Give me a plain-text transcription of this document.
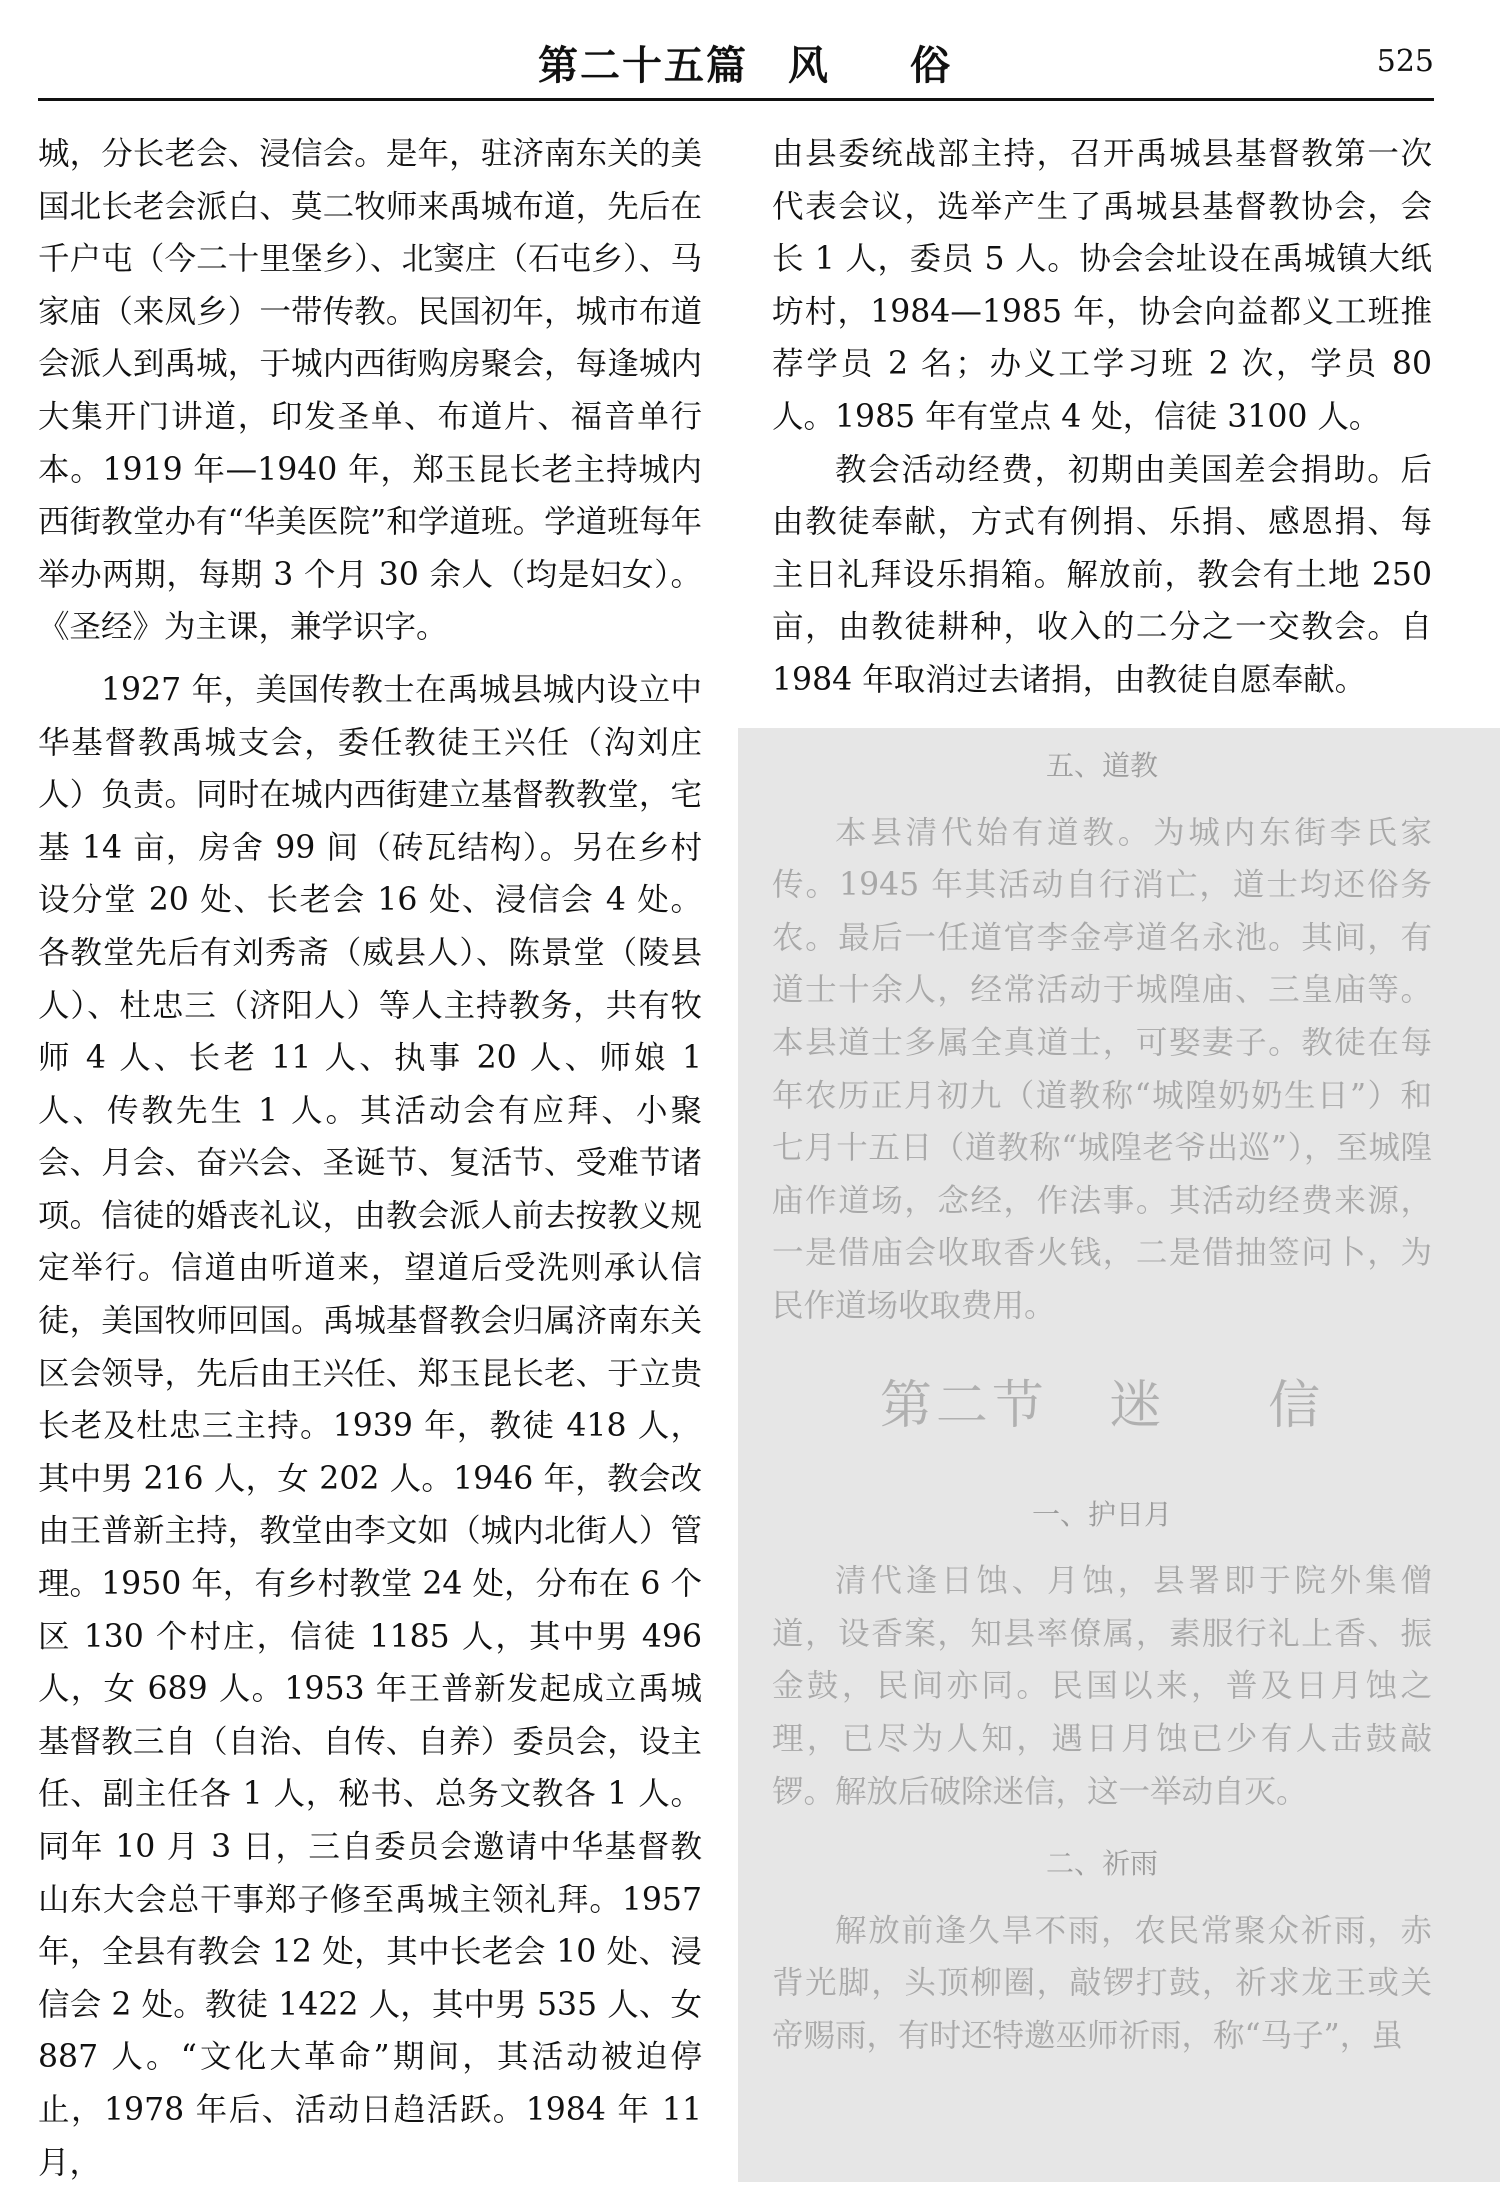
第二十五篇 风 俗	525

城，分长老会、浸信会。是年，驻济南东关的美国北长老会派白、莫二牧师来禹城布道，先后在千户屯（今二十里堡乡）、北窦庄（石屯乡）、马家庙（来凤乡）一带传教。民国初年，城市布道会派人到禹城，于城内西街购房聚会，每逢城内大集开门讲道，印发圣单、布道片、福音单行本。1919 年—1940 年，郑玉昆长老主持城内西街教堂办有“华美医院”和学道班。学道班每年举办两期，每期 3 个月 30 余人（均是妇女）。《圣经》为主课，兼学识字。

1927 年，美国传教士在禹城县城内设立中华基督教禹城支会，委任教徒王兴任（沟刘庄人）负责。同时在城内西街建立基督教教堂，宅基 14 亩，房舍 99 间（砖瓦结构）。另在乡村设分堂 20 处、长老会 16 处、浸信会 4 处。各教堂先后有刘秀斋（威县人）、陈景堂（陵县人）、杜忠三（济阳人）等人主持教务，共有牧师 4 人、长老 11 人、执事 20 人、师娘 1 人、传教先生 1 人。其活动会有应拜、小聚会、月会、奋兴会、圣诞节、复活节、受难节诸项。信徒的婚丧礼议，由教会派人前去按教义规定举行。信道由听道来，望道后受洗则承认信徒，美国牧师回国。禹城基督教会归属济南东关区会领导，先后由王兴任、郑玉昆长老、于立贵长老及杜忠三主持。1939 年，教徒 418 人，其中男 216 人，女 202 人。1946 年，教会改由王普新主持，教堂由李文如（城内北街人）管理。1950 年，有乡村教堂 24 处，分布在 6 个区 130 个村庄，信徒 1185 人，其中男 496 人，女 689 人。1953 年王普新发起成立禹城基督教三自（自治、自传、自养）委员会，设主任、副主任各 1 人，秘书、总务文教各 1 人。同年 10 月 3 日，三自委员会邀请中华基督教山东大会总干事郑子修至禹城主领礼拜。1957 年，全县有教会 12 处，其中长老会 10 处、浸信会 2 处。教徒 1422 人，其中男 535 人、女 887 人。“文化大革命”期间，其活动被迫停止，1978 年后、活动日趋活跃。1984 年 11 月，

由县委统战部主持，召开禹城县基督教第一次代表会议，选举产生了禹城县基督教协会，会长 1 人，委员 5 人。协会会址设在禹城镇大纸坊村，1984—1985 年，协会向益都义工班推荐学员 2 名；办义工学习班 2 次，学员 80 人。1985 年有堂点 4 处，信徒 3100 人。

教会活动经费，初期由美国差会捐助。后由教徒奉献，方式有例捐、乐捐、感恩捐、每主日礼拜设乐捐箱。解放前，教会有土地 250 亩，由教徒耕种，收入的二分之一交教会。自 1984 年取消过去诸捐，由教徒自愿奉献。

五、道教

本县清代始有道教。为城内东街李氏家传。1945 年其活动自行消亡，道士均还俗务农。最后一任道官李金亭道名永池。其间，有道士十余人，经常活动于城隍庙、三皇庙等。本县道士多属全真道士，可娶妻子。教徒在每年农历正月初九（道教称“城隍奶奶生日”）和七月十五日（道教称“城隍老爷出巡”），至城隍庙作道场，念经，作法事。其活动经费来源，一是借庙会收取香火钱，二是借抽签问卜，为民作道场收取费用。

第二节 迷 信

一、护日月

清代逢日蚀、月蚀，县署即于院外集僧道，设香案，知县率僚属，素服行礼上香、振金鼓，民间亦同。民国以来，普及日月蚀之理，已尽为人知，遇日月蚀已少有人击鼓敲锣。解放后破除迷信，这一举动自灭。

二、祈雨

解放前逢久旱不雨，农民常聚众祈雨，赤背光脚，头顶柳圈，敲锣打鼓，祈求龙王或关帝赐雨，有时还特邀巫师祈雨，称“马子”，虽
